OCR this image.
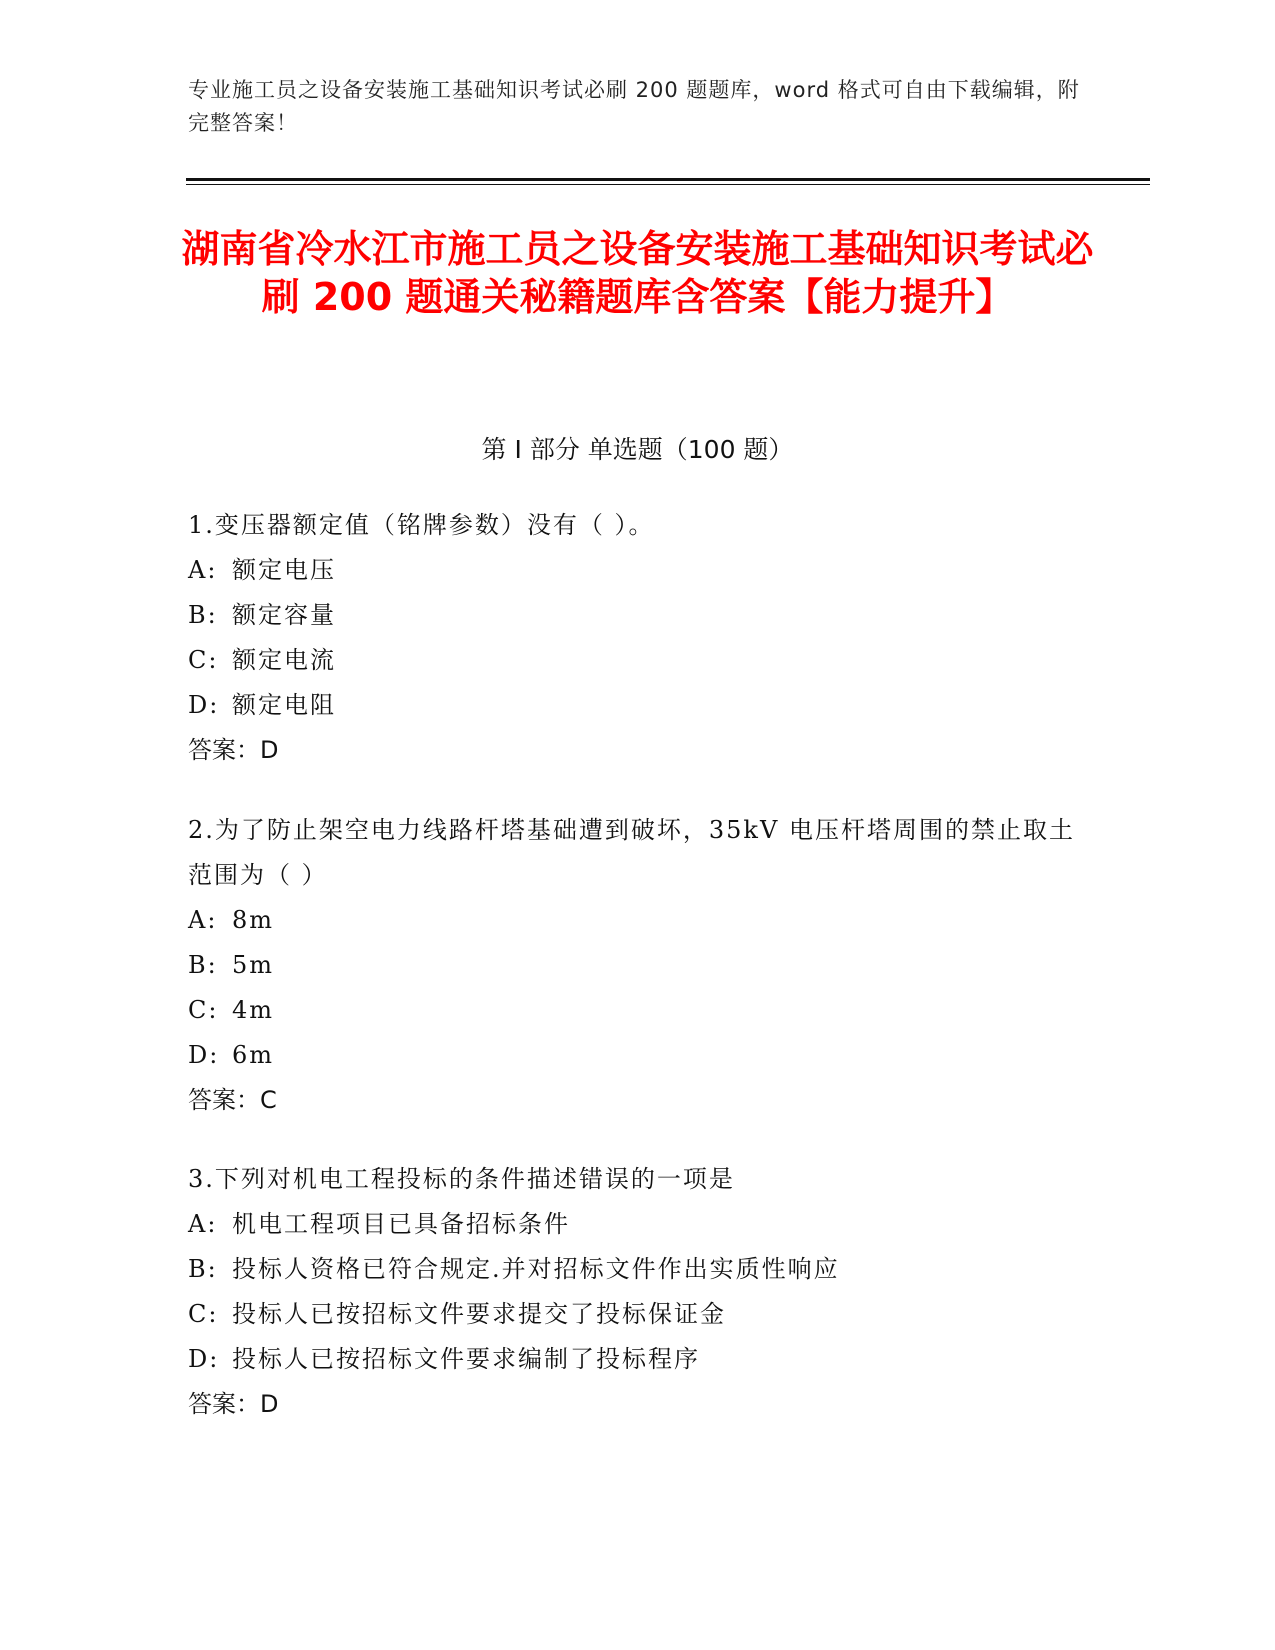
专业施工员之设备安装施工基础知识考试必刷 200 题题库，word 格式可自由下载编辑，附完整答案！
湖南省冷水江市施工员之设备安装施工基础知识考试必刷 200 题通关秘籍题库含答案【能力提升】
第 I 部分 单选题（100 题）
1.变压器额定值（铭牌参数）没有（ ）。
A: 额定电压
B: 额定容量
C: 额定电流
D: 额定电阻
答案：D
2.为了防止架空电力线路杆塔基础遭到破坏，35kV 电压杆塔周围的禁止取土范围为（ ）
A: 8m
B: 5m
C: 4m
D: 6m
答案：C
3.下列对机电工程投标的条件描述错误的一项是
A: 机电工程项目已具备招标条件
B: 投标人资格已符合规定.并对招标文件作出实质性响应
C: 投标人已按招标文件要求提交了投标保证金
D: 投标人已按招标文件要求编制了投标程序
答案：D
